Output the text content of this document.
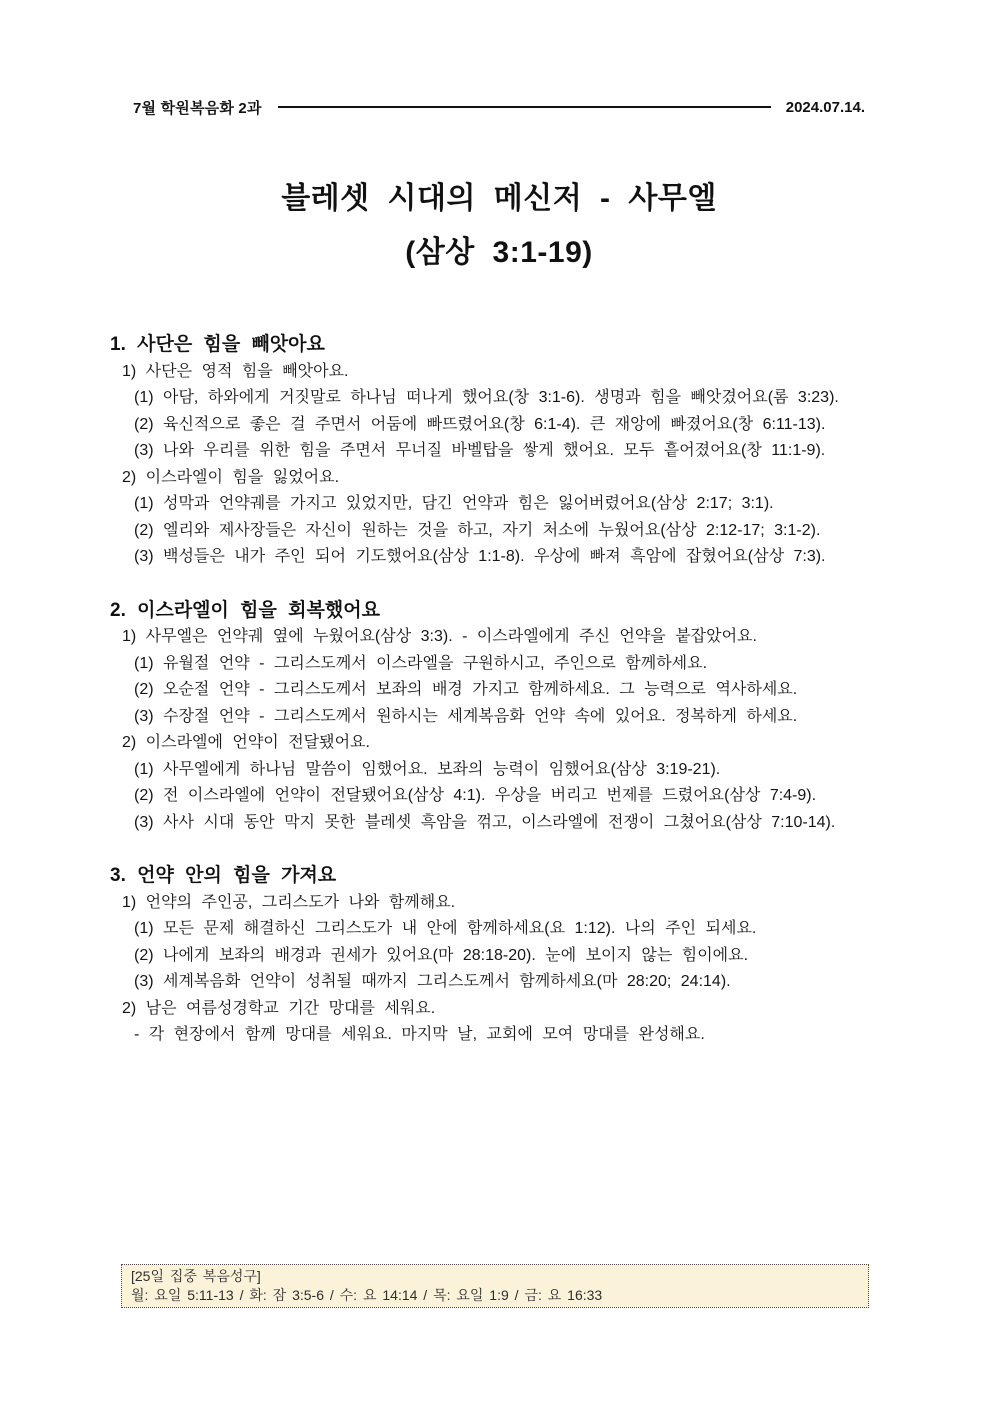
7월 학원복음화 2과	2024.07.14.
블레셋 시대의 메신저 - 사무엘
(삼상 3:1-19)
1. 사단은 힘을 빼앗아요
1) 사단은 영적 힘을 빼앗아요.
(1) 아담, 하와에게 거짓말로 하나님 떠나게 했어요(창 3:1-6). 생명과 힘을 빼앗겼어요(롬 3:23).
(2) 육신적으로 좋은 걸 주면서 어둠에 빠뜨렸어요(창 6:1-4). 큰 재앙에 빠졌어요(창 6:11-13).
(3) 나와 우리를 위한 힘을 주면서 무너질 바벨탑을 쌓게 했어요. 모두 흩어졌어요(창 11:1-9).
2) 이스라엘이 힘을 잃었어요.
(1) 성막과 언약궤를 가지고 있었지만, 담긴 언약과 힘은 잃어버렸어요(삼상 2:17; 3:1).
(2) 엘리와 제사장들은 자신이 원하는 것을 하고, 자기 처소에 누웠어요(삼상 2:12-17; 3:1-2).
(3) 백성들은 내가 주인 되어 기도했어요(삼상 1:1-8). 우상에 빠져 흑암에 잡혔어요(삼상 7:3).
2. 이스라엘이 힘을 회복했어요
1) 사무엘은 언약궤 옆에 누웠어요(삼상 3:3). - 이스라엘에게 주신 언약을 붙잡았어요.
(1) 유월절 언약 - 그리스도께서 이스라엘을 구원하시고, 주인으로 함께하세요.
(2) 오순절 언약 - 그리스도께서 보좌의 배경 가지고 함께하세요. 그 능력으로 역사하세요.
(3) 수장절 언약 - 그리스도께서 원하시는 세계복음화 언약 속에 있어요. 정복하게 하세요.
2) 이스라엘에 언약이 전달됐어요.
(1) 사무엘에게 하나님 말씀이 임했어요. 보좌의 능력이 임했어요(삼상 3:19-21).
(2) 전 이스라엘에 언약이 전달됐어요(삼상 4:1). 우상을 버리고 번제를 드렸어요(삼상 7:4-9).
(3) 사사 시대 동안 막지 못한 블레셋 흑암을 꺾고, 이스라엘에 전쟁이 그쳤어요(삼상 7:10-14).
3. 언약 안의 힘을 가져요
1) 언약의 주인공, 그리스도가 나와 함께해요.
(1) 모든 문제 해결하신 그리스도가 내 안에 함께하세요(요 1:12). 나의 주인 되세요.
(2) 나에게 보좌의 배경과 권세가 있어요(마 28:18-20). 눈에 보이지 않는 힘이에요.
(3) 세계복음화 언약이 성취될 때까지 그리스도께서 함께하세요(마 28:20; 24:14).
2) 남은 여름성경학교 기간 망대를 세워요.
- 각 현장에서 함께 망대를 세워요. 마지막 날, 교회에 모여 망대를 완성해요.
[25일 집중 복음성구]
월: 요일 5:11-13 / 화: 잠 3:5-6 / 수: 요 14:14 / 목: 요일 1:9 / 금: 요 16:33
